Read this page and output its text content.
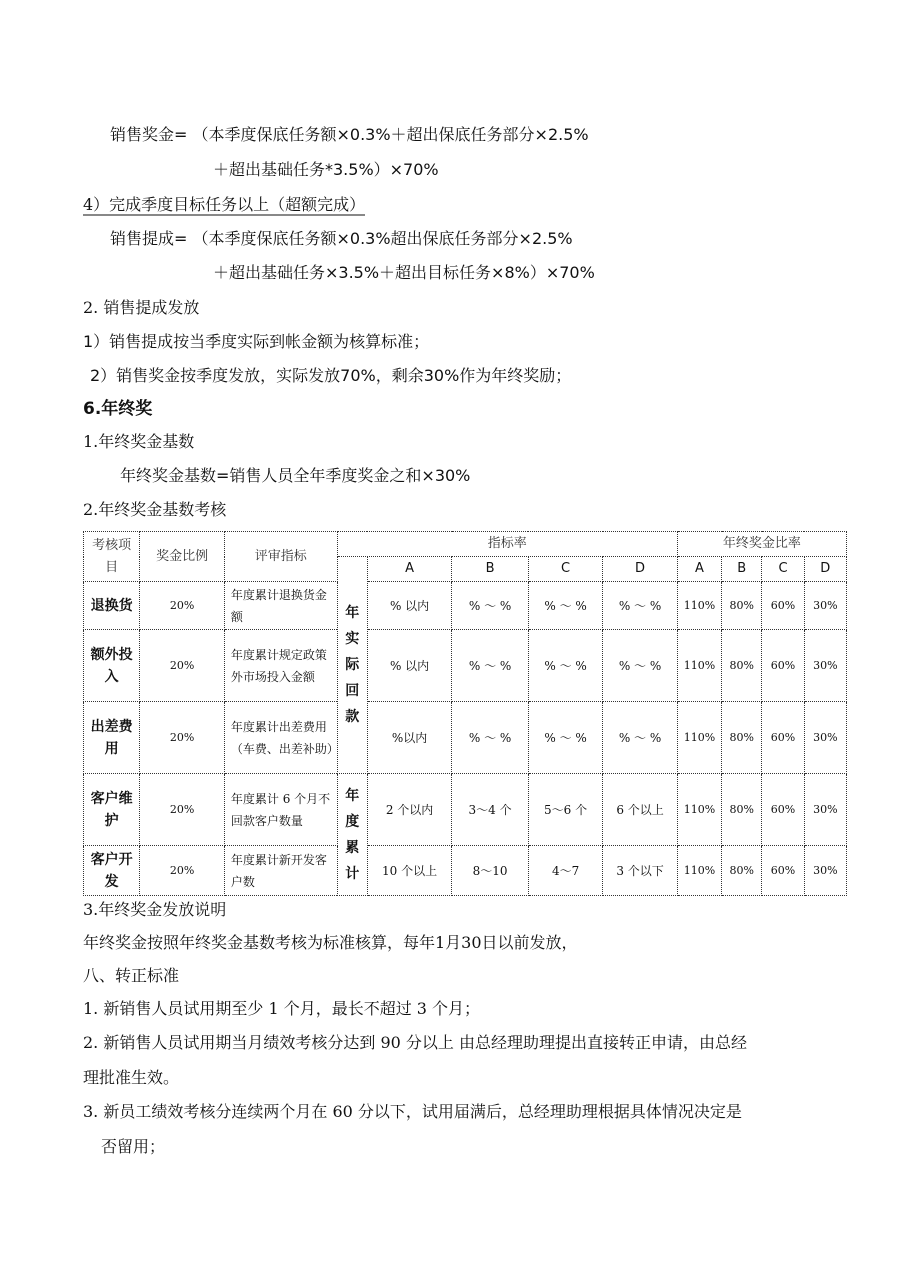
销售奖金= （本季度保底任务额×0.3%＋超出保底任务部分×2.5%
＋超出基础任务*3.5%）×70%
4）完成季度目标任务以上（超额完成）
销售提成= （本季度保底任务额×0.3%超出保底任务部分×2.5%
＋超出基础任务×3.5%＋超出目标任务×8%）×70%
2. 销售提成发放
1）销售提成按当季度实际到帐金额为核算标准；
2）销售奖金按季度发放，实际发放70%，剩余30%作为年终奖励；
6.年终奖
1.年终奖金基数
年终奖金基数=销售人员全年季度奖金之和×30%
2.年终奖金基数考核
考核项目	奖金比例	评审指标	指标率					年终奖金比率			
			年实际回款	A	B	C	D	A	B	C	D
退换货	20%	年度累计退换货金额		% 以内	% ～ %	% ～ %	% ～ %	110%	80%	60%	30%
额外投入	20%	年度累计规定政策外市场投入金额		% 以内	% ～ %	% ～ %	% ～ %	110%	80%	60%	30%
出差费用	20%	年度累计出差费用（车费、出差补助）		%以内	% ～ %	% ～ %	% ～ %	110%	80%	60%	30%
客户维护	20%	年度累计 6 个月不回款客户数量	年度累计	2 个以内	3～4 个	5～6 个	6 个以上	110%	80%	60%	30%
客户开发	20%	年度累计新开发客户数		10 个以上	8～10	4～7	3 个以下	110%	80%	60%	30%
3.年终奖金发放说明
年终奖金按照年终奖金基数考核为标准核算，每年1月30日以前发放，
八、转正标准
1. 新销售人员试用期至少 1 个月，最长不超过 3 个月；
2. 新销售人员试用期当月绩效考核分达到 90 分以上 由总经理助理提出直接转正申请，由总经
理批准生效。
3. 新员工绩效考核分连续两个月在 60 分以下，试用届满后，总经理助理根据具体情况决定是
否留用；
